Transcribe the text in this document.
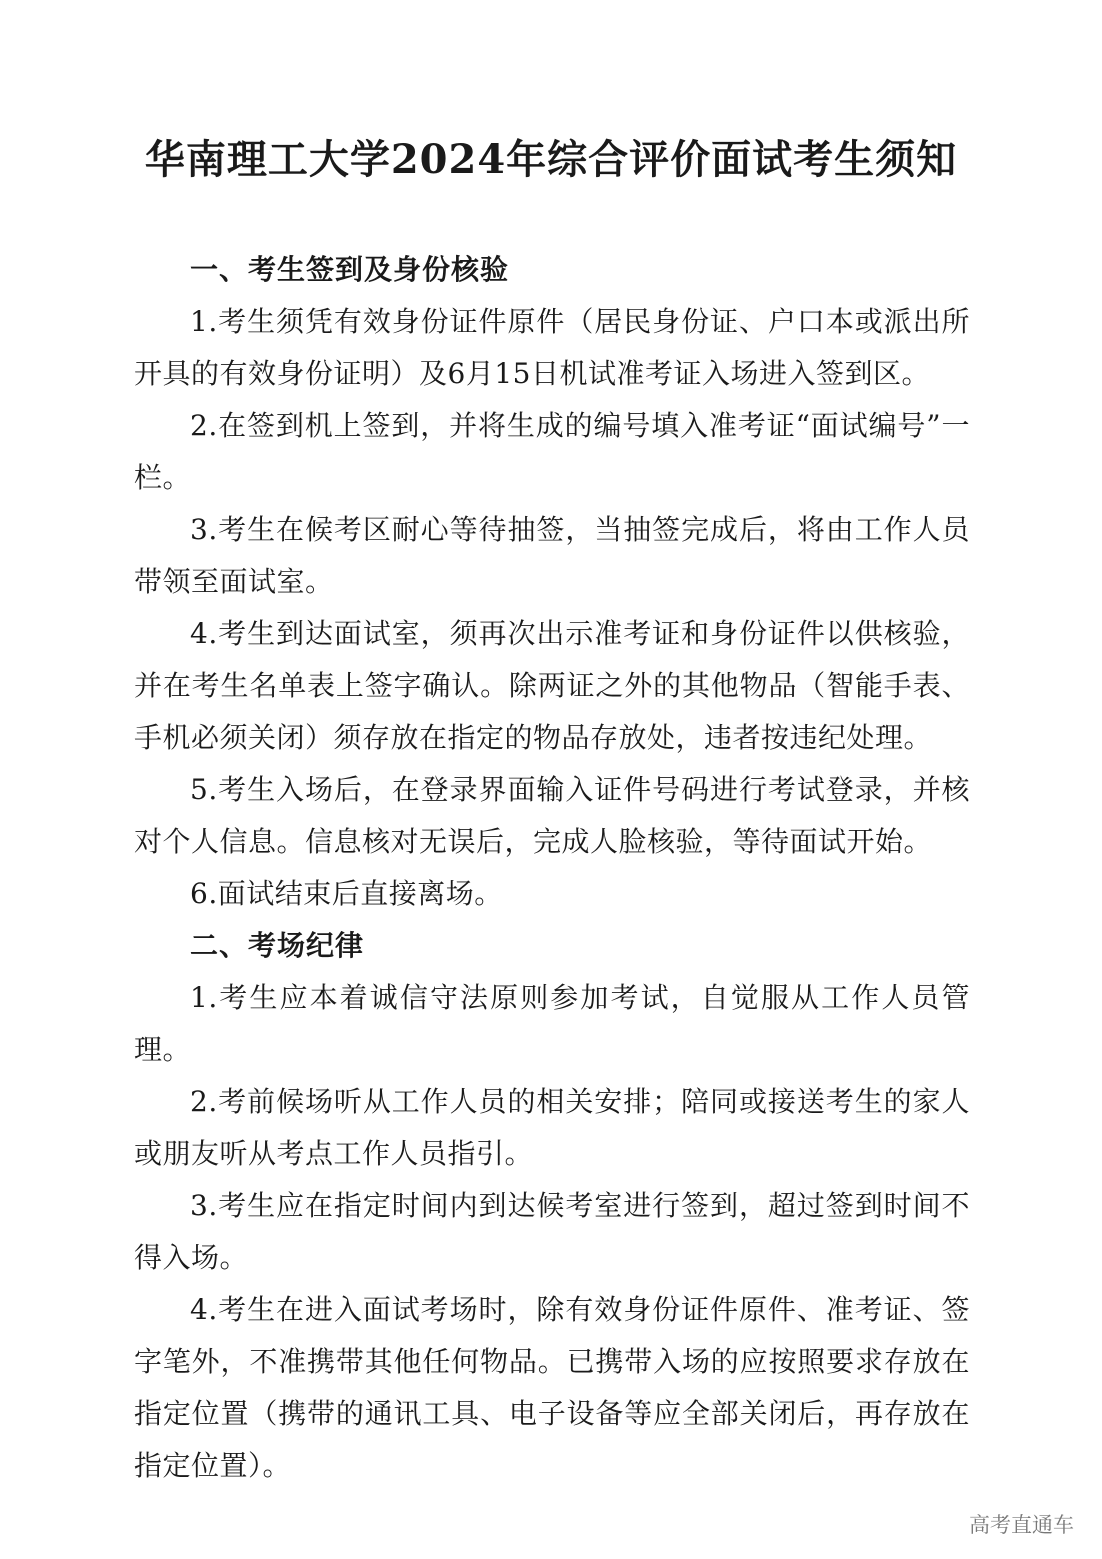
华南理工大学2024年综合评价面试考生须知

一、考生签到及身份核验

1.考生须凭有效身份证件原件（居民身份证、户口本或派出所开具的有效身份证明）及6月15日机试准考证入场进入签到区。

2.在签到机上签到，并将生成的编号填入准考证“面试编号”一栏。

3.考生在候考区耐心等待抽签，当抽签完成后，将由工作人员带领至面试室。

4.考生到达面试室，须再次出示准考证和身份证件以供核验，并在考生名单表上签字确认。除两证之外的其他物品（智能手表、手机必须关闭）须存放在指定的物品存放处，违者按违纪处理。

5.考生入场后，在登录界面输入证件号码进行考试登录，并核对个人信息。信息核对无误后，完成人脸核验，等待面试开始。

6.面试结束后直接离场。

二、考场纪律

1.考生应本着诚信守法原则参加考试，自觉服从工作人员管理。

2.考前候场听从工作人员的相关安排；陪同或接送考生的家人或朋友听从考点工作人员指引。

3.考生应在指定时间内到达候考室进行签到，超过签到时间不得入场。

4.考生在进入面试考场时，除有效身份证件原件、准考证、签字笔外，不准携带其他任何物品。已携带入场的应按照要求存放在指定位置（携带的通讯工具、电子设备等应全部关闭后，再存放在指定位置）。

高考直通车
